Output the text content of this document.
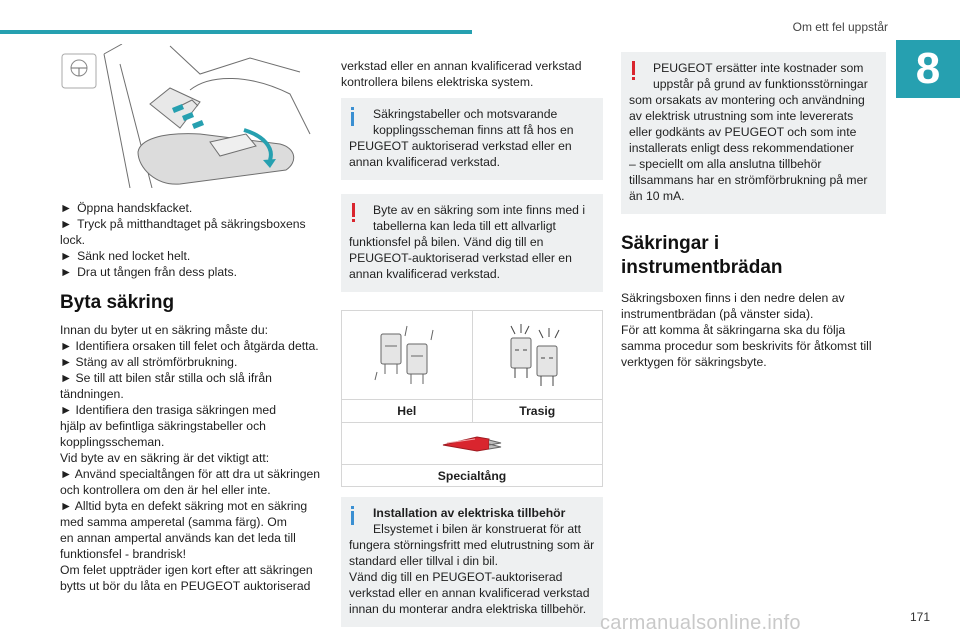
Om ett fel uppstår
8
► Öppna handskfacket.
► Tryck på mitthandtaget på säkringsboxens
lock.
► Sänk ned locket helt.
► Dra ut tången från dess plats.
Byta säkring
Innan du byter ut en säkring måste du:
► Identifiera orsaken till felet och åtgärda detta.
► Stäng av all strömförbrukning.
► Se till att bilen står stilla och slå ifrån
tändningen.
► Identifiera den trasiga säkringen med
hjälp av befintliga säkringstabeller och
kopplingsscheman.
Vid byte av en säkring är det viktigt att:
► Använd specialtången för att dra ut säkringen
och kontrollera om den är hel eller inte.
► Alltid byta en defekt säkring mot en säkring
med samma amperetal (samma färg). Om
en annan ampertal används kan det leda till
funktionsfel - brandrisk!
Om felet uppträder igen kort efter att säkringen
bytts ut bör du låta en PEUGEOT auktoriserad
verkstad eller en annan kvalificerad verkstad
kontrollera bilens elektriska system.
Säkringstabeller och motsvarande
kopplingsscheman finns att få hos en
PEUGEOT auktoriserad verkstad eller en
annan kvalificerad verkstad.
Byte av en säkring som inte finns med i
tabellerna kan leda till ett allvarligt
funktionsfel på bilen. Vänd dig till en
PEUGEOT-auktoriserad verkstad eller en
annan kvalificerad verkstad.
Hel	Trasig
Specialtång
Installation av elektriska tillbehör
Elsystemet i bilen är konstruerat för att
fungera störningsfritt med elutrustning som är
standard eller tillval i din bil.
Vänd dig till en PEUGEOT-auktoriserad
verkstad eller en annan kvalificerad verkstad
innan du monterar andra elektriska tillbehör.
PEUGEOT ersätter inte kostnader som
uppstår på grund av funktionsstörningar
som orsakats av montering och användning
av elektrisk utrustning som inte levererats
eller godkänts av PEUGEOT och som inte
installerats enligt dess rekommendationer
– speciellt om alla anslutna tillbehör
tillsammans har en strömförbrukning på mer
än 10 mA.
Säkringar i
instrumentbrädan
Säkringsboxen finns i den nedre delen av
instrumentbrädan (på vänster sida).
För att komma åt säkringarna ska du följa
samma procedur som beskrivits för åtkomst till
verktygen för säkringsbyte.
carmanualsonline.info	171
